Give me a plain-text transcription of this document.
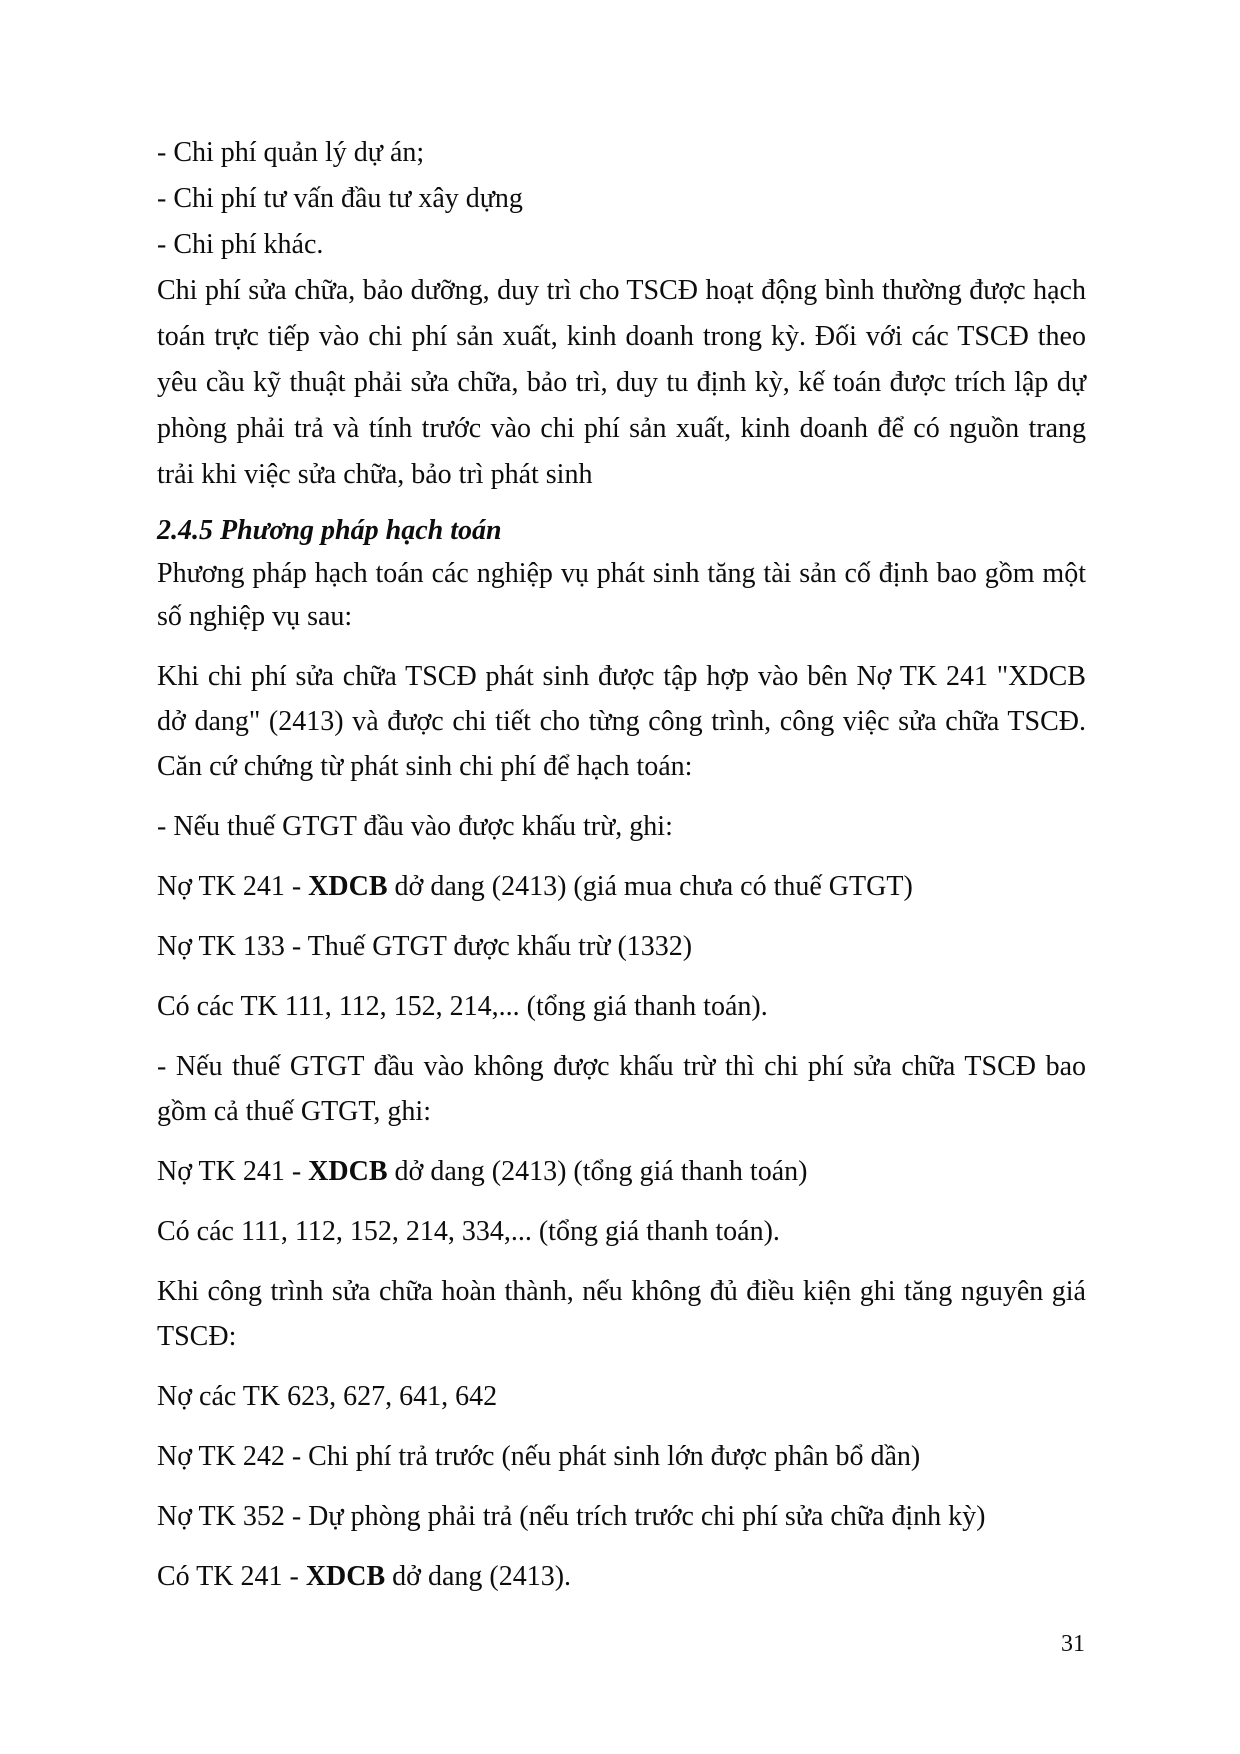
- Chi phí quản lý dự án;

- Chi phí tư vấn đầu tư xây dựng

- Chi phí khác.

Chi phí sửa chữa, bảo dưỡng, duy trì cho TSCĐ hoạt động bình thường được hạch toán trực tiếp vào chi phí sản xuất, kinh doanh trong kỳ. Đối với các TSCĐ theo yêu cầu kỹ thuật phải sửa chữa, bảo trì, duy tu định kỳ, kế toán được trích lập dự phòng phải trả và tính trước vào chi phí sản xuất, kinh doanh để có nguồn trang trải khi việc sửa chữa, bảo trì phát sinh

2.4.5 Phương pháp hạch toán

Phương pháp hạch toán các nghiệp vụ phát sinh tăng tài sản cố định bao gồm một số nghiệp vụ sau:

Khi chi phí sửa chữa TSCĐ phát sinh được tập hợp vào bên Nợ TK 241 "XDCB dở dang" (2413) và được chi tiết cho từng công trình, công việc sửa chữa TSCĐ. Căn cứ chứng từ phát sinh chi phí để hạch toán:

- Nếu thuế GTGT đầu vào được khấu trừ, ghi:

Nợ TK 241 - XDCB dở dang (2413) (giá mua chưa có thuế GTGT)

Nợ TK 133 - Thuế GTGT được khấu trừ (1332)

Có các TK 111, 112, 152, 214,... (tổng giá thanh toán).

- Nếu thuế GTGT đầu vào không được khấu trừ thì chi phí sửa chữa TSCĐ bao gồm cả thuế GTGT, ghi:

Nợ TK 241 - XDCB dở dang (2413) (tổng giá thanh toán)

Có các 111, 112, 152, 214, 334,... (tổng giá thanh toán).

Khi công trình sửa chữa hoàn thành, nếu không đủ điều kiện ghi tăng nguyên giá TSCĐ:

Nợ các TK 623, 627, 641, 642

Nợ TK 242 - Chi phí trả trước (nếu phát sinh lớn được phân bổ dần)

Nợ TK 352 - Dự phòng phải trả (nếu trích trước chi phí sửa chữa định kỳ)

Có TK 241 - XDCB dở dang (2413).

31
